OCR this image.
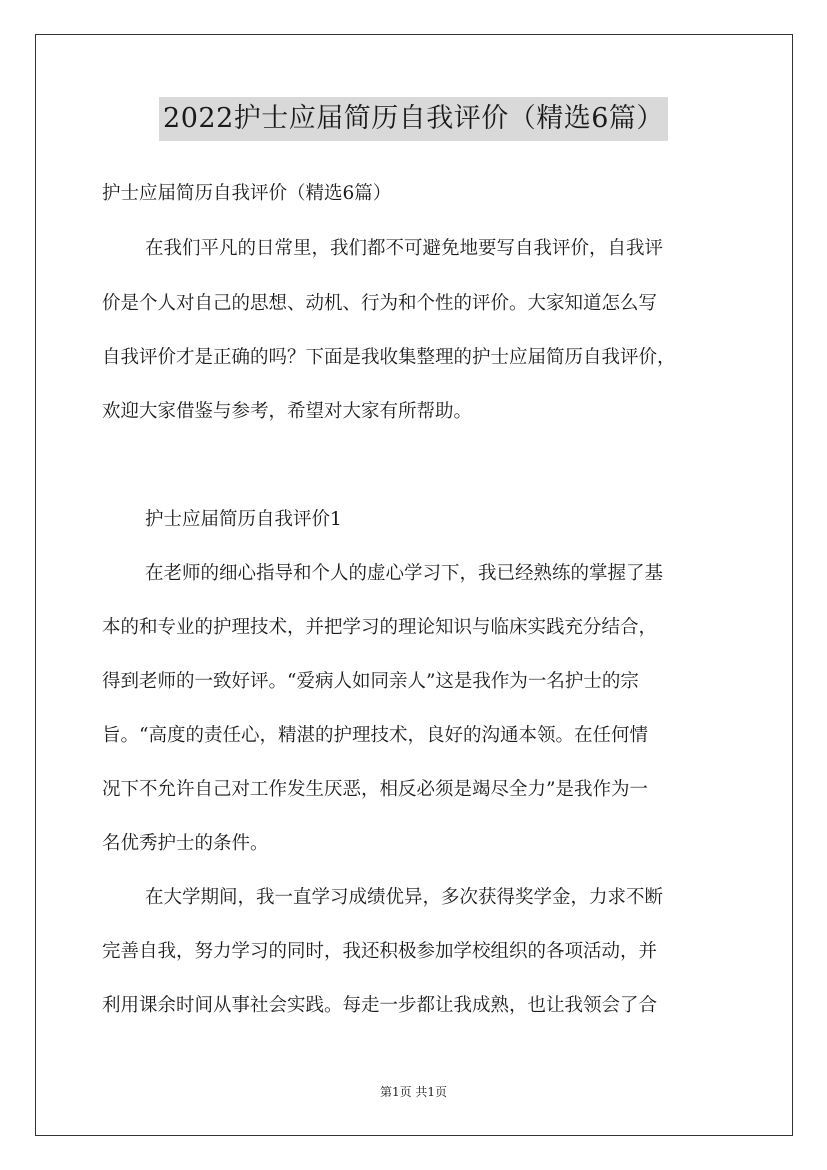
2022护士应届简历自我评价（精选6篇）
护士应届简历自我评价（精选6篇）
在我们平凡的日常里，我们都不可避免地要写自我评价，自我评
价是个人对自己的思想、动机、行为和个性的评价。大家知道怎么写
自我评价才是正确的吗？下面是我收集整理的护士应届简历自我评价，
欢迎大家借鉴与参考，希望对大家有所帮助。
护士应届简历自我评价1
在老师的细心指导和个人的虚心学习下，我已经熟练的掌握了基
本的和专业的护理技术，并把学习的理论知识与临床实践充分结合，
得到老师的一致好评。“爱病人如同亲人”这是我作为一名护士的宗
旨。“高度的责任心，精湛的护理技术，良好的沟通本领。在任何情
况下不允许自己对工作发生厌恶，相反必须是竭尽全力”是我作为一
名优秀护士的条件。
在大学期间，我一直学习成绩优异，多次获得奖学金，力求不断
完善自我，努力学习的同时，我还积极参加学校组织的各项活动，并
利用课余时间从事社会实践。每走一步都让我成熟，也让我领会了合
第1页 共1页
